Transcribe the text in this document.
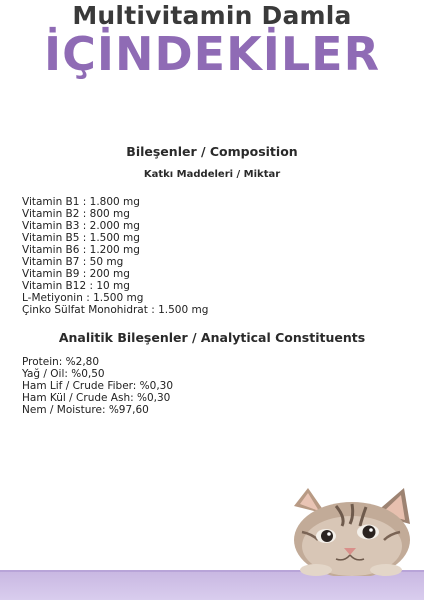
Multivitamin Damla
İÇİNDEKİLER
Bileşenler / Composition
Katkı Maddeleri / Miktar
Vitamin B1 : 1.800 mg
Vitamin B2 : 800 mg
Vitamin B3 : 2.000 mg
Vitamin B5 : 1.500 mg
Vitamin B6 : 1.200 mg
Vitamin B7 : 50 mg
Vitamin B9 : 200 mg
Vitamin B12 : 10 mg
L-Metiyonin : 1.500 mg
Çinko Sülfat Monohidrat : 1.500 mg
Analitik Bileşenler / Analytical Constituents
Protein: %2,80
Yağ / Oil: %0,50
Ham Lif / Crude Fiber: %0,30
Ham Kül / Crude Ash: %0,30
Nem / Moisture: %97,60
